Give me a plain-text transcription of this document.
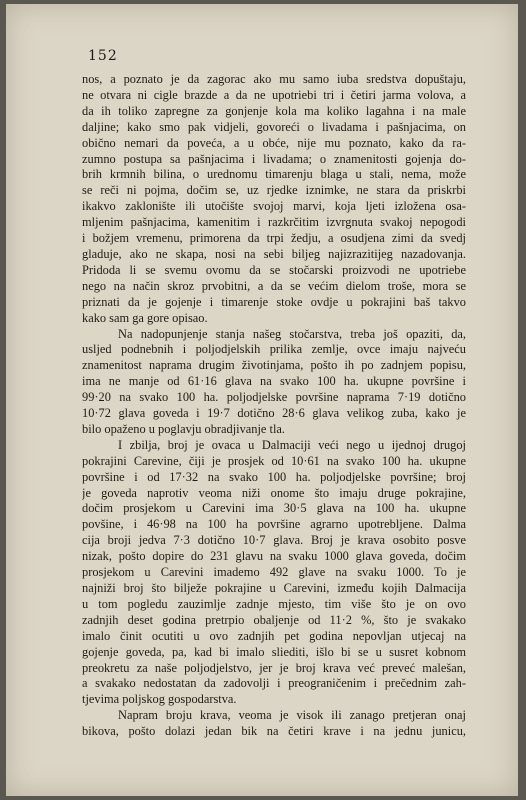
152
nos, a poznato je da zagorac ako mu samo iuba sredstva dopuštaju,
ne otvara ni cigle brazde a da ne upotriebi tri i četiri jarma volova, a
da ih toliko zapregne za gonjenje kola ma koliko lagahna i na male
daljine; kako smo pak vidjeli, govoreći o livadama i pašnjacima, on
obično nemari da poveća, a u obće, nije mu poznato, kako da ra-
zumno postupa sa pašnjacima i livadama; o znamenitosti gojenja do-
brih krmnih bilina, o urednomu timarenju blaga u stali, nema, može
se reči ni pojma, dočim se, uz rjedke iznimke, ne stara da priskrbi
ikakvo zaklonište ili utočište svojoj marvi, koja ljeti izložena osa-
mljenim pašnjacima, kamenitim i razkrčitim izvrgnuta svakoj nepogodi
i božjem vremenu, primorena da trpi žedju, a osudjena zimi da svedj
gladuje, ako ne skapa, nosi na sebi biljeg najizrazitijeg nazadovanja.
Pridoda li se svemu ovomu da se stočarski proizvodi ne upotriebe
nego na način skroz prvobitni, a da se većim dielom troše, mora se
priznati da je gojenje i timarenje stoke ovdje u pokrajini baš takvo
kako sam ga gore opisao.
Na nadopunjenje stanja našeg stočarstva, treba još opaziti, da,
usljed podnebnih i poljodjelskih prilika zemlje, ovce imaju najveću
znamenitost naprama drugim životinjama, pošto ih po zadnjem popisu,
ima ne manje od 61·16 glava na svako 100 ha. ukupne površine i
99·20 na svako 100 ha. poljodjelske površine naprama 7·19 dotično
10·72 glava goveda i 19·7 dotično 28·6 glava velikog zuba, kako je
bilo opaženo u poglavju obradjivanje tla.
I zbilja, broj je ovaca u Dalmaciji veći nego u ijednoj drugoj
pokrajini Carevine, čiji je prosjek od 10·61 na svako 100 ha. ukupne
površine i od 17·32 na svako 100 ha. poljodjelske površine; broj
je goveda naprotiv veoma niži onome što imaju druge pokrajine,
dočim prosjekom u Carevini ima 30·5 glava na 100 ha. ukupne
povšine, i 46·98 na 100 ha površine agrarno upotrebljene. Dalma
cija broji jedva 7·3 dotično 10·7 glava. Broj je krava osobito posve
nizak, pošto dopire do 231 glavu na svaku 1000 glava goveda, dočim
prosjekom u Carevini imademo 492 glave na svaku 1000. To je
najniži broj što bilježe pokrajine u Carevini, između kojih Dalmacija
u tom pogledu zauzimlje zadnje mjesto, tim više što je on ovo
zadnjih deset godina pretrpio obaljenje od 11·2 %, što je svakako
imalo činit ocutiti u ovo zadnjih pet godina nepovljan utjecaj na
gojenje goveda, pa, kad bi imalo sliediti, išlo bi se u susret kobnom
preokretu za naše poljodjelstvo, jer je broj krava već preveć malešan,
a svakako nedostatan da zadovolji i preograničenim i prečednim zah-
tjevima poljskog gospodarstva.
Napram broju krava, veoma je visok ili zanago pretjeran onaj
bikova, pošto dolazi jedan bik na četiri krave i na jednu junicu,
